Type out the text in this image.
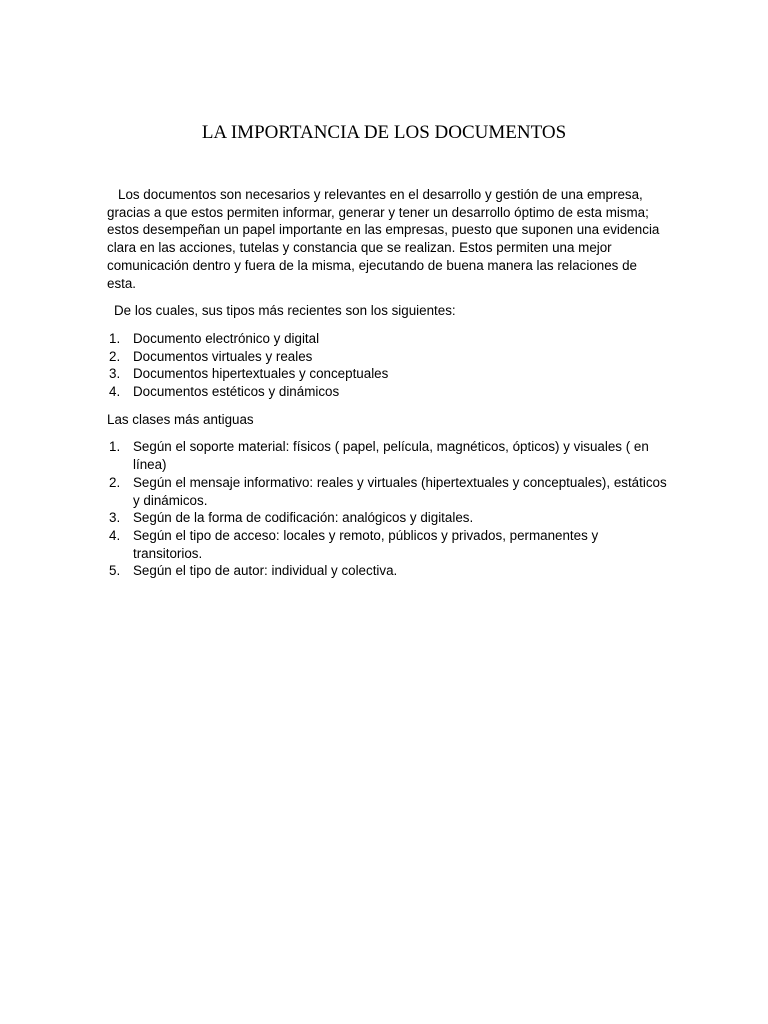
LA IMPORTANCIA DE LOS DOCUMENTOS

Los documentos son necesarios y relevantes en el desarrollo y gestión de una empresa, gracias a que estos permiten informar, generar y tener un desarrollo óptimo de esta misma; estos desempeñan un papel importante en las empresas, puesto que suponen una evidencia clara en las acciones, tutelas y constancia que se realizan. Estos permiten una mejor comunicación dentro y fuera de la misma, ejecutando de buena manera las relaciones de esta.

De los cuales, sus tipos más recientes son los siguientes:

1. Documento electrónico y digital
2. Documentos virtuales y reales
3. Documentos hipertextuales y conceptuales
4. Documentos estéticos y dinámicos

Las clases más antiguas

1. Según el soporte material: físicos ( papel, película, magnéticos, ópticos) y visuales ( en línea)
2. Según el mensaje informativo: reales y virtuales (hipertextuales y conceptuales), estáticos y dinámicos.
3. Según de la forma de codificación: analógicos y digitales.
4. Según el tipo de acceso: locales y remoto, públicos y privados, permanentes y transitorios.
5. Según el tipo de autor: individual y colectiva.
